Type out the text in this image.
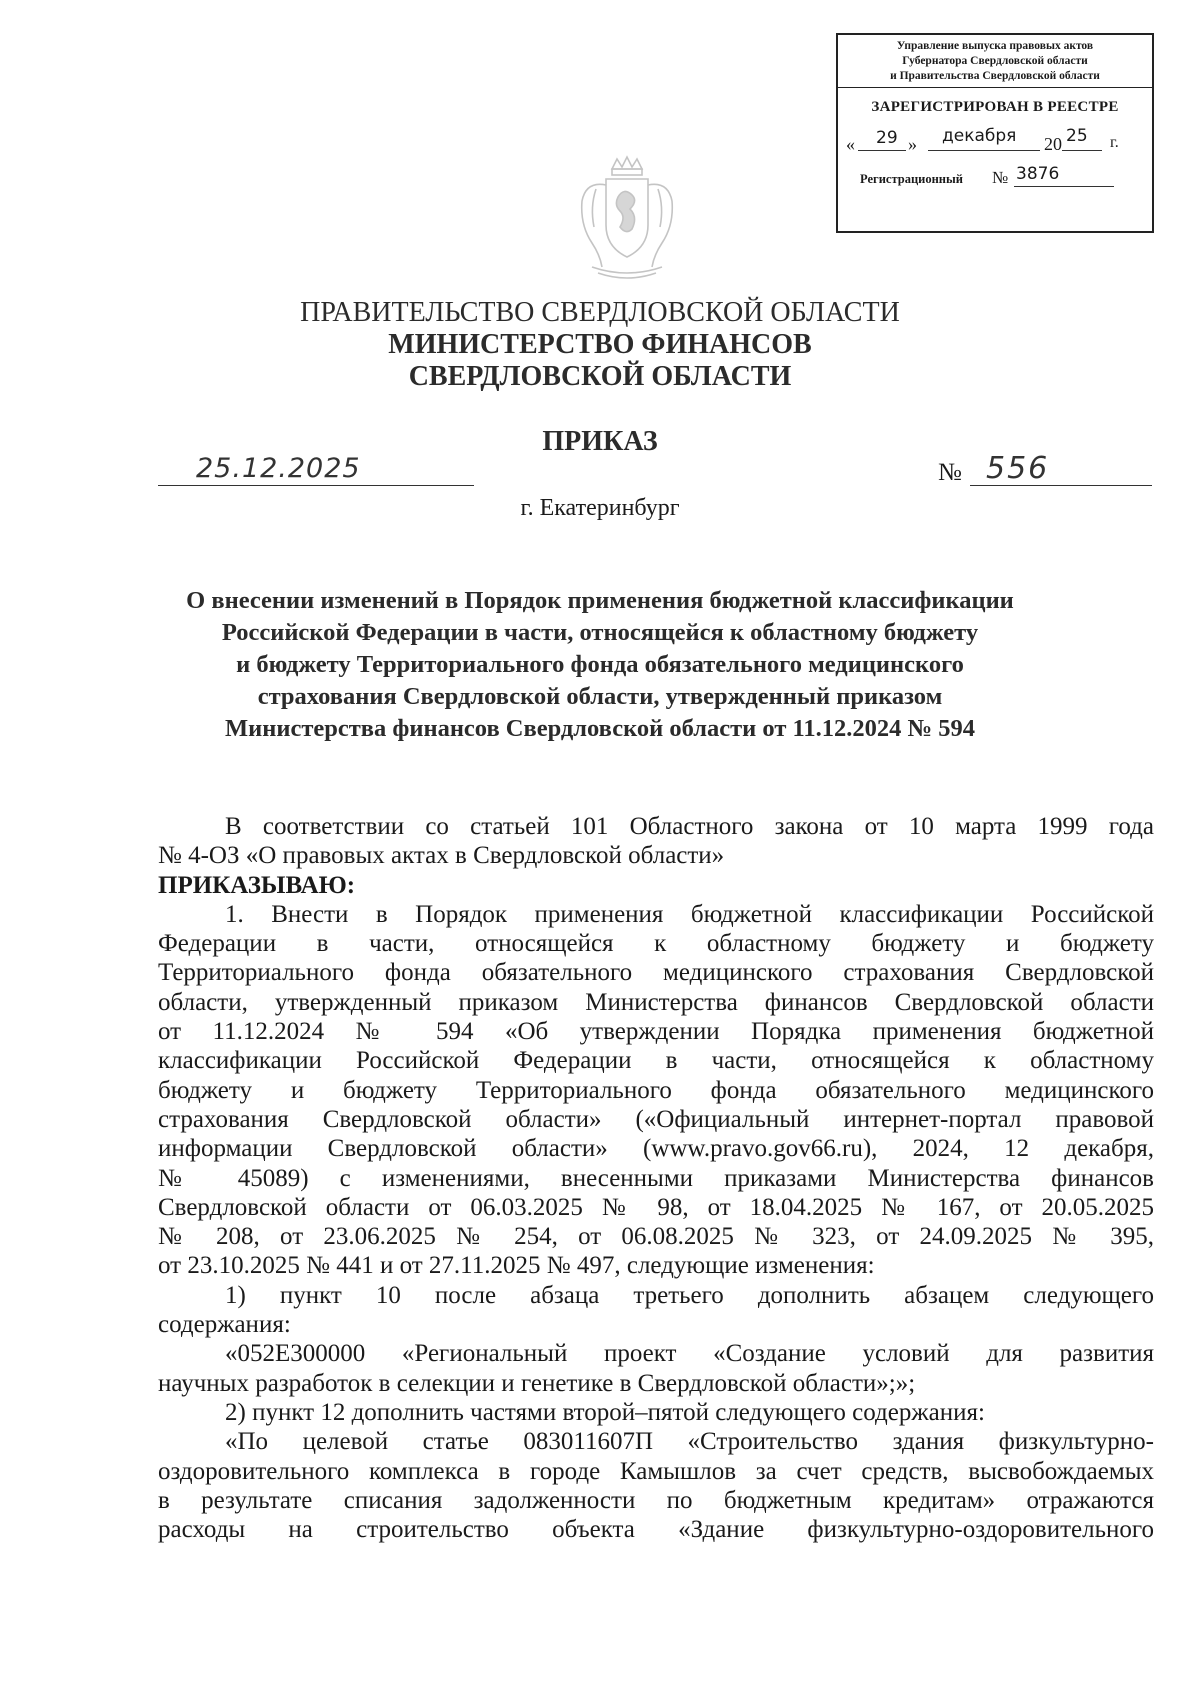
Управление выпуска правовых актов
Губернатора Свердловской области
и Правительства Свердловской области
ЗАРЕГИСТРИРОВАН В РЕЕСТРЕ
« 29 » декабря 20 25 г.
Регистрационный № 3876
ПРАВИТЕЛЬСТВО СВЕРДЛОВСКОЙ ОБЛАСТИ
МИНИСТЕРСТВО ФИНАНСОВ
СВЕРДЛОВСКОЙ ОБЛАСТИ
ПРИКАЗ
25.12.2025	№ 556
г. Екатеринбург
О внесении изменений в Порядок применения бюджетной классификации
Российской Федерации в части, относящейся к областному бюджету
и бюджету Территориального фонда обязательного медицинского
страхования Свердловской области, утвержденный приказом
Министерства финансов Свердловской области от 11.12.2024 № 594

В соответствии со статьей 101 Областного закона от 10 марта 1999 года

№ 4-ОЗ «О правовых актах в Свердловской области»

ПРИКАЗЫВАЮ:

1. Внести в Порядок применения бюджетной классификации Российской

Федерации в части, относящейся к областному бюджету и бюджету

Территориального фонда обязательного медицинского страхования Свердловской

области, утвержденный приказом Министерства финансов Свердловской области

от 11.12.2024 № 594 «Об утверждении Порядка применения бюджетной

классификации Российской Федерации в части, относящейся к областному

бюджету и бюджету Территориального фонда обязательного медицинского

страхования Свердловской области» («Официальный интернет-портал правовой

информации Свердловской области» (www.pravo.gov66.ru), 2024, 12 декабря,

№ 45089) с изменениями, внесенными приказами Министерства финансов

Свердловской области от 06.03.2025 № 98, от 18.04.2025 № 167, от 20.05.2025

№ 208, от 23.06.2025 № 254, от 06.08.2025 № 323, от 24.09.2025 № 395,

от 23.10.2025 № 441 и от 27.11.2025 № 497, следующие изменения:

1) пункт 10 после абзаца третьего дополнить абзацем следующего

содержания:

«052Е300000 «Региональный проект «Создание условий для развития

научных разработок в селекции и генетике в Свердловской области»;»;

2) пункт 12 дополнить частями второй–пятой следующего содержания:

«По целевой статье 083011607П «Строительство здания физкультурно-

оздоровительного комплекса в городе Камышлов за счет средств, высвобождаемых

в результате списания задолженности по бюджетным кредитам» отражаются

расходы на строительство объекта «Здание физкультурно-оздоровительного
